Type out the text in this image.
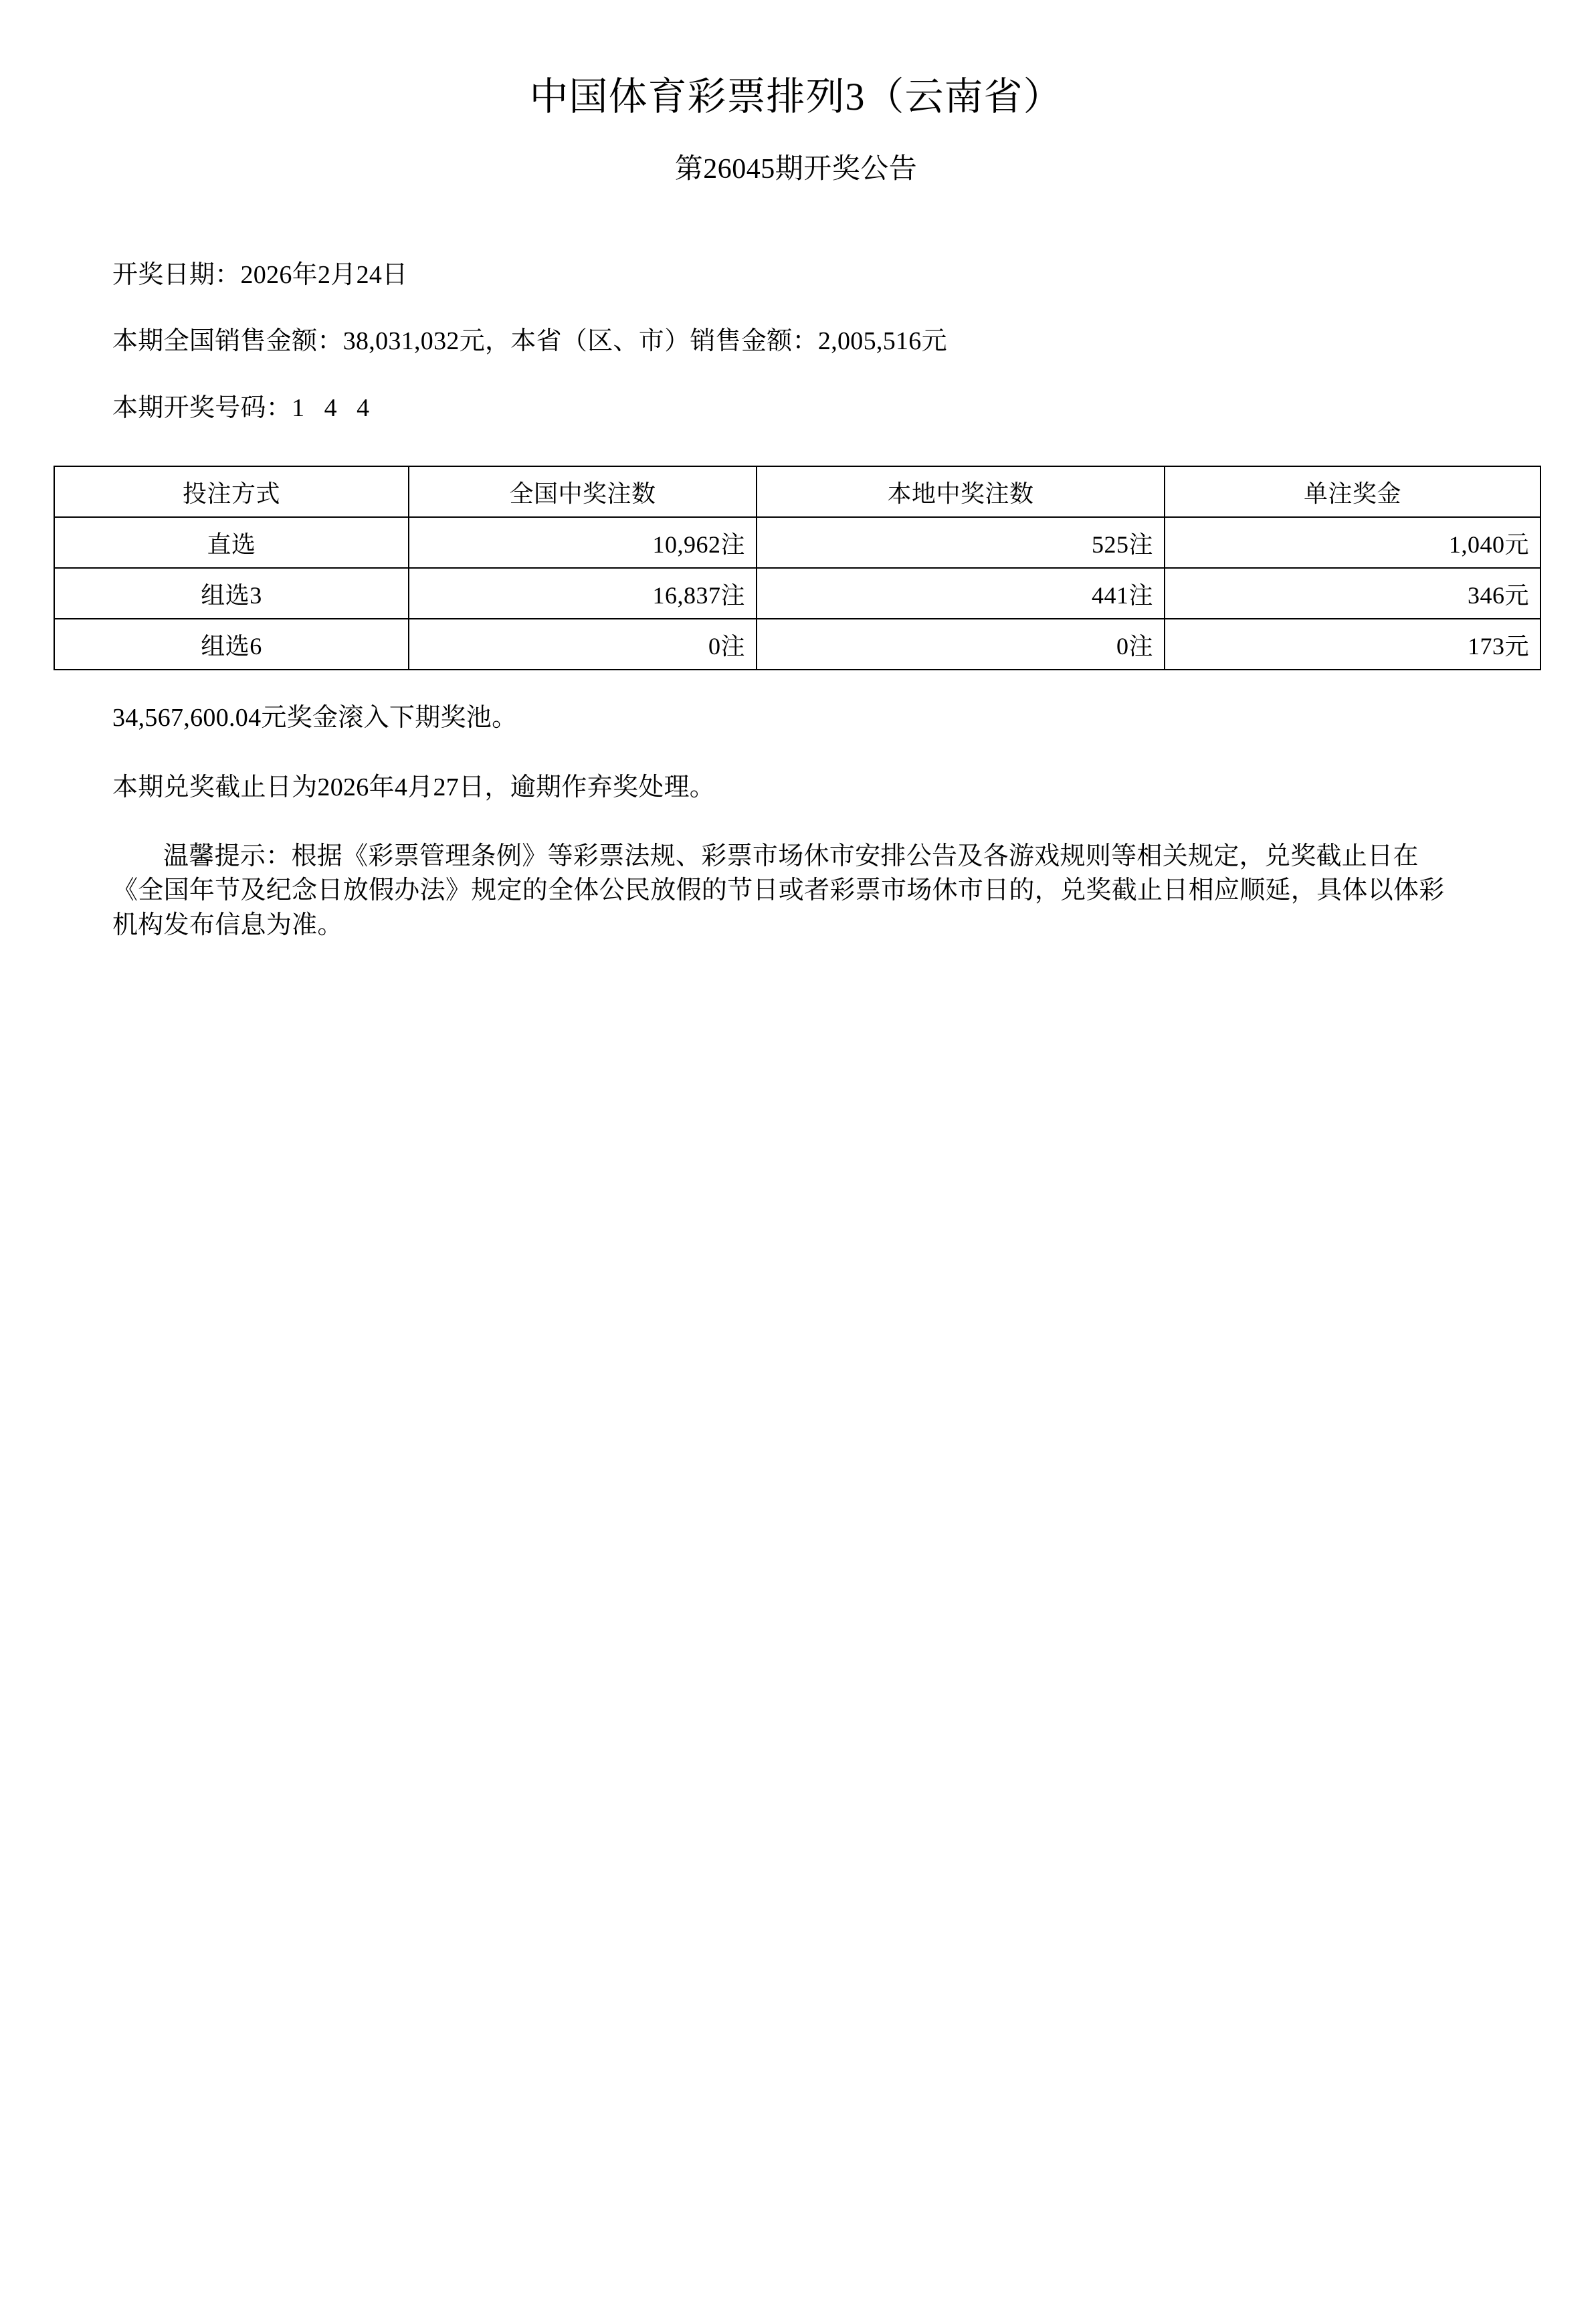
中国体育彩票排列3（云南省）
第26045期开奖公告
开奖日期：2026年2月24日
本期全国销售金额：38,031,032元，本省（区、市）销售金额：2,005,516元
本期开奖号码：1 4 4
投注方式	全国中奖注数	本地中奖注数	单注奖金
直选	10,962注	525注	1,040元
组选3	16,837注	441注	346元
组选6	0注	0注	173元

34,567,600.04元奖金滚入下期奖池。

本期兑奖截止日为2026年4月27日，逾期作弃奖处理。

温馨提示：根据《彩票管理条例》等彩票法规、彩票市场休市安排公告及各游戏规则等相关规定，兑奖截止日在《全国年节及纪念日放假办法》规定的全体公民放假的节日或者彩票市场休市日的，兑奖截止日相应顺延，具体以体彩机构发布信息为准。
